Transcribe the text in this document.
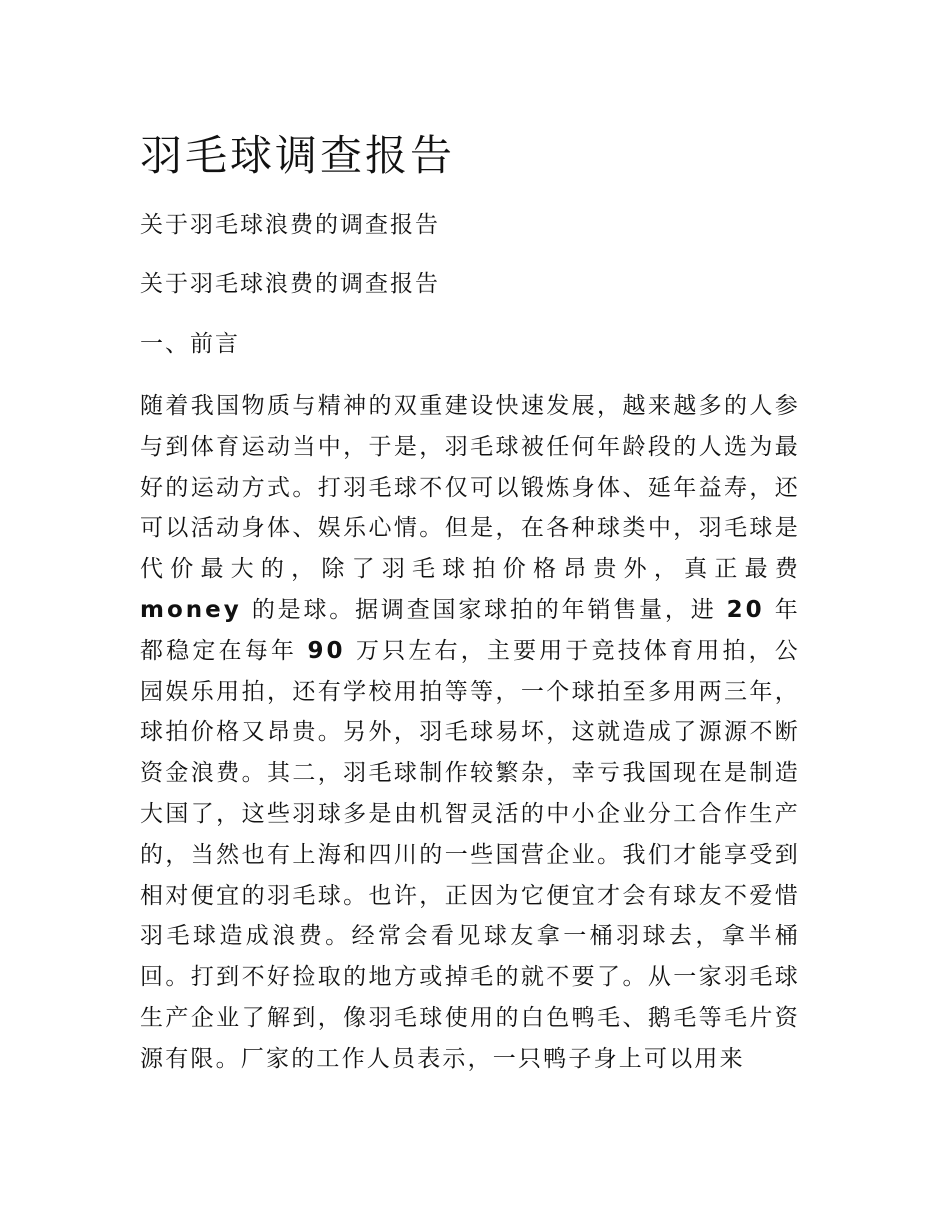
羽毛球调查报告

关于羽毛球浪费的调查报告

关于羽毛球浪费的调查报告

一、前言

随着我国物质与精神的双重建设快速发展，越来越多的人参与到体育运动当中，于是，羽毛球被任何年龄段的人选为最好的运动方式。打羽毛球不仅可以锻炼身体、延年益寿，还可以活动身体、娱乐心情。但是，在各种球类中，羽毛球是代价最大的，除了羽毛球拍价格昂贵外，真正最费 money 的是球。据调查国家球拍的年销售量，进 20 年都稳定在每年 90 万只左右，主要用于竞技体育用拍，公园娱乐用拍，还有学校用拍等等，一个球拍至多用两三年，球拍价格又昂贵。另外，羽毛球易坏，这就造成了源源不断资金浪费。其二，羽毛球制作较繁杂，幸亏我国现在是制造大国了，这些羽球多是由机智灵活的中小企业分工合作生产的，当然也有上海和四川的一些国营企业。我们才能享受到相对便宜的羽毛球。也许，正因为它便宜才会有球友不爱惜羽毛球造成浪费。经常会看见球友拿一桶羽球去，拿半桶回。打到不好捡取的地方或掉毛的就不要了。从一家羽毛球生产企业了解到，像羽毛球使用的白色鸭毛、鹅毛等毛片资源有限。厂家的工作人员表示，一只鸭子身上可以用来
